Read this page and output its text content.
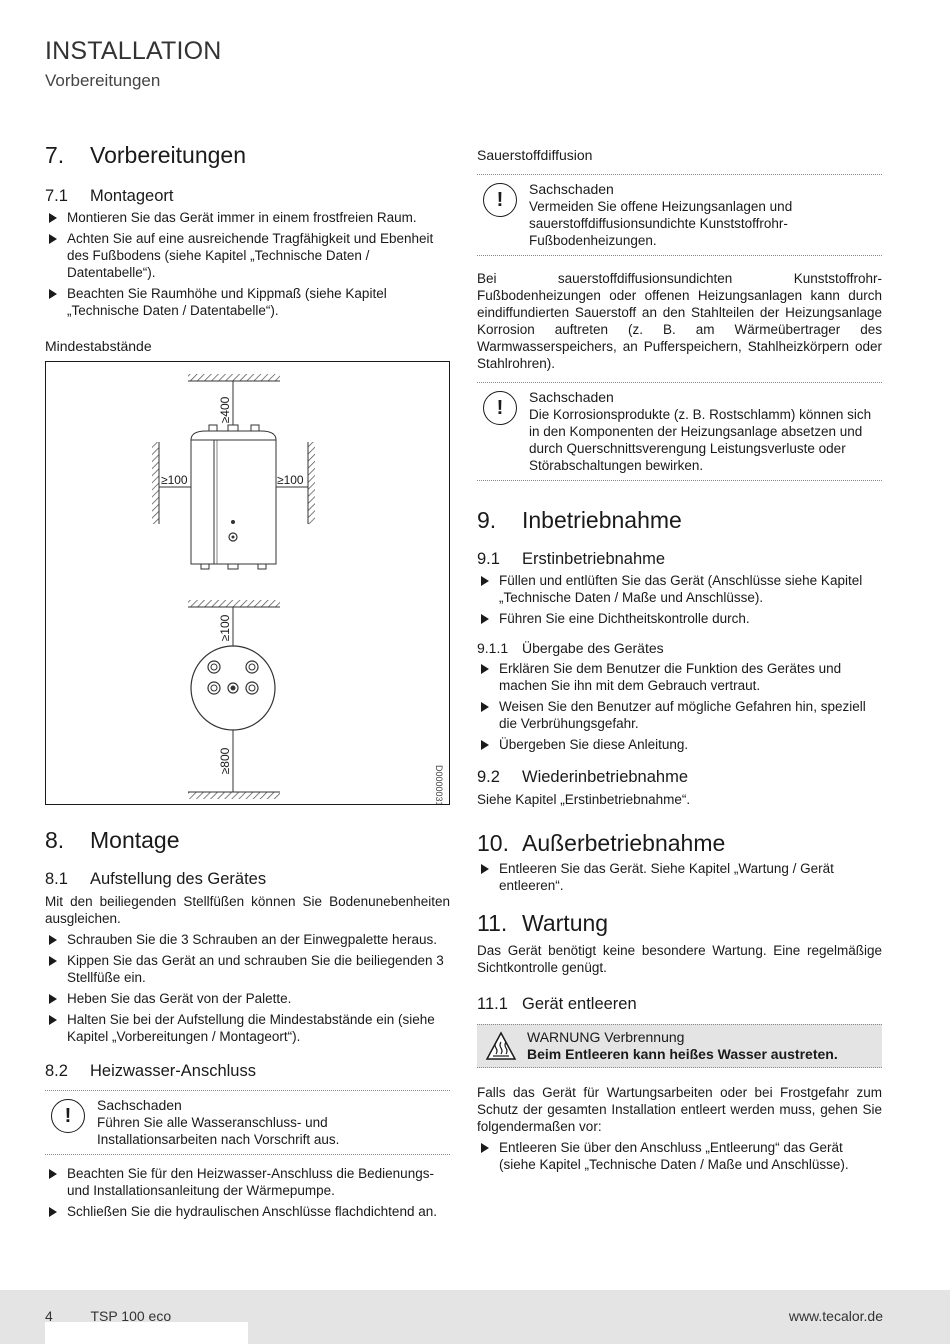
INSTALLATION
Vorbereitungen
7.	Vorbereitungen
7.1	Montageort
Montieren Sie das Gerät immer in einem frostfreien Raum.
Achten Sie auf eine ausreichende Tragfähigkeit und Ebenheit des Fußbodens (siehe Kapitel „Technische Daten / Datentabelle“).
Beachten Sie Raumhöhe und Kippmaß (siehe Kapitel „Technische Daten / Datentabelle“).
Mindestabstände
≥400
≥100	≥100
≥100
≥800
D0000031321
8.	Montage
8.1	Aufstellung des Gerätes

Mit den beiliegenden Stellfüßen können Sie Bodenunebenheiten ausgleichen.

Schrauben Sie die 3 Schrauben an der Einwegpalette heraus.
Kippen Sie das Gerät an und schrauben Sie die beiliegenden 3 Stellfüße ein.
Heben Sie das Gerät von der Palette.
Halten Sie bei der Aufstellung die Mindestabstände ein (siehe Kapitel „Vorbereitungen / Montageort“).
8.2	Heizwasser-Anschluss
!	Sachschaden
Führen Sie alle Wasseranschluss- und Installationsarbeiten nach Vorschrift aus.
Beachten Sie für den Heizwasser-Anschluss die Bedienungs- und Installationsanleitung der Wärmepumpe.
Schließen Sie die hydraulischen Anschlüsse flachdichtend an.
Sauerstoffdiffusion
!	Sachschaden
Vermeiden Sie offene Heizungsanlagen und sauerstoffdiffusionsundichte Kunststoffrohr-Fußbodenheizungen.

Bei sauerstoffdiffusionsundichten Kunststoffrohr-Fußbodenheizungen oder offenen Heizungsanlagen kann durch eindiffundierten Sauerstoff an den Stahlteilen der Heizungsanlage Korrosion auftreten (z. B. am Wärmeübertrager des Warmwasserspeichers, an Pufferspeichern, Stahlheizkörpern oder Stahlrohren).

!	Sachschaden
Die Korrosionsprodukte (z. B. Rostschlamm) können sich in den Komponenten der Heizungsanlage absetzen und durch Querschnittsverengung Leistungsverluste oder Störabschaltungen bewirken.
9.	Inbetriebnahme
9.1	Erstinbetriebnahme
Füllen und entlüften Sie das Gerät (Anschlüsse siehe Kapitel „Technische Daten / Maße und Anschlüsse).
Führen Sie eine Dichtheitskontrolle durch.
9.1.1 Übergabe des Gerätes
Erklären Sie dem Benutzer die Funktion des Gerätes und machen Sie ihn mit dem Gebrauch vertraut.
Weisen Sie den Benutzer auf mögliche Gefahren hin, speziell die Verbrühungsgefahr.
Übergeben Sie diese Anleitung.
9.2	Wiederinbetriebnahme

Siehe Kapitel „Erstinbetriebnahme“.

10. Außerbetriebnahme
Entleeren Sie das Gerät. Siehe Kapitel „Wartung / Gerät entleeren“.
11. Wartung

Das Gerät benötigt keine besondere Wartung. Eine regelmäßige Sichtkontrolle genügt.

11.1 Gerät entleeren
WARNUNG Verbrennung
Beim Entleeren kann heißes Wasser austreten.

Falls das Gerät für Wartungsarbeiten oder bei Frostgefahr zum Schutz der gesamten Installation entleert werden muss, gehen Sie folgendermaßen vor:

Entleeren Sie über den Anschluss „Entleerung“ das Gerät (siehe Kapitel „Technische Daten / Maße und Anschlüsse).
4	TSP 100 eco	www.tecalor.de
